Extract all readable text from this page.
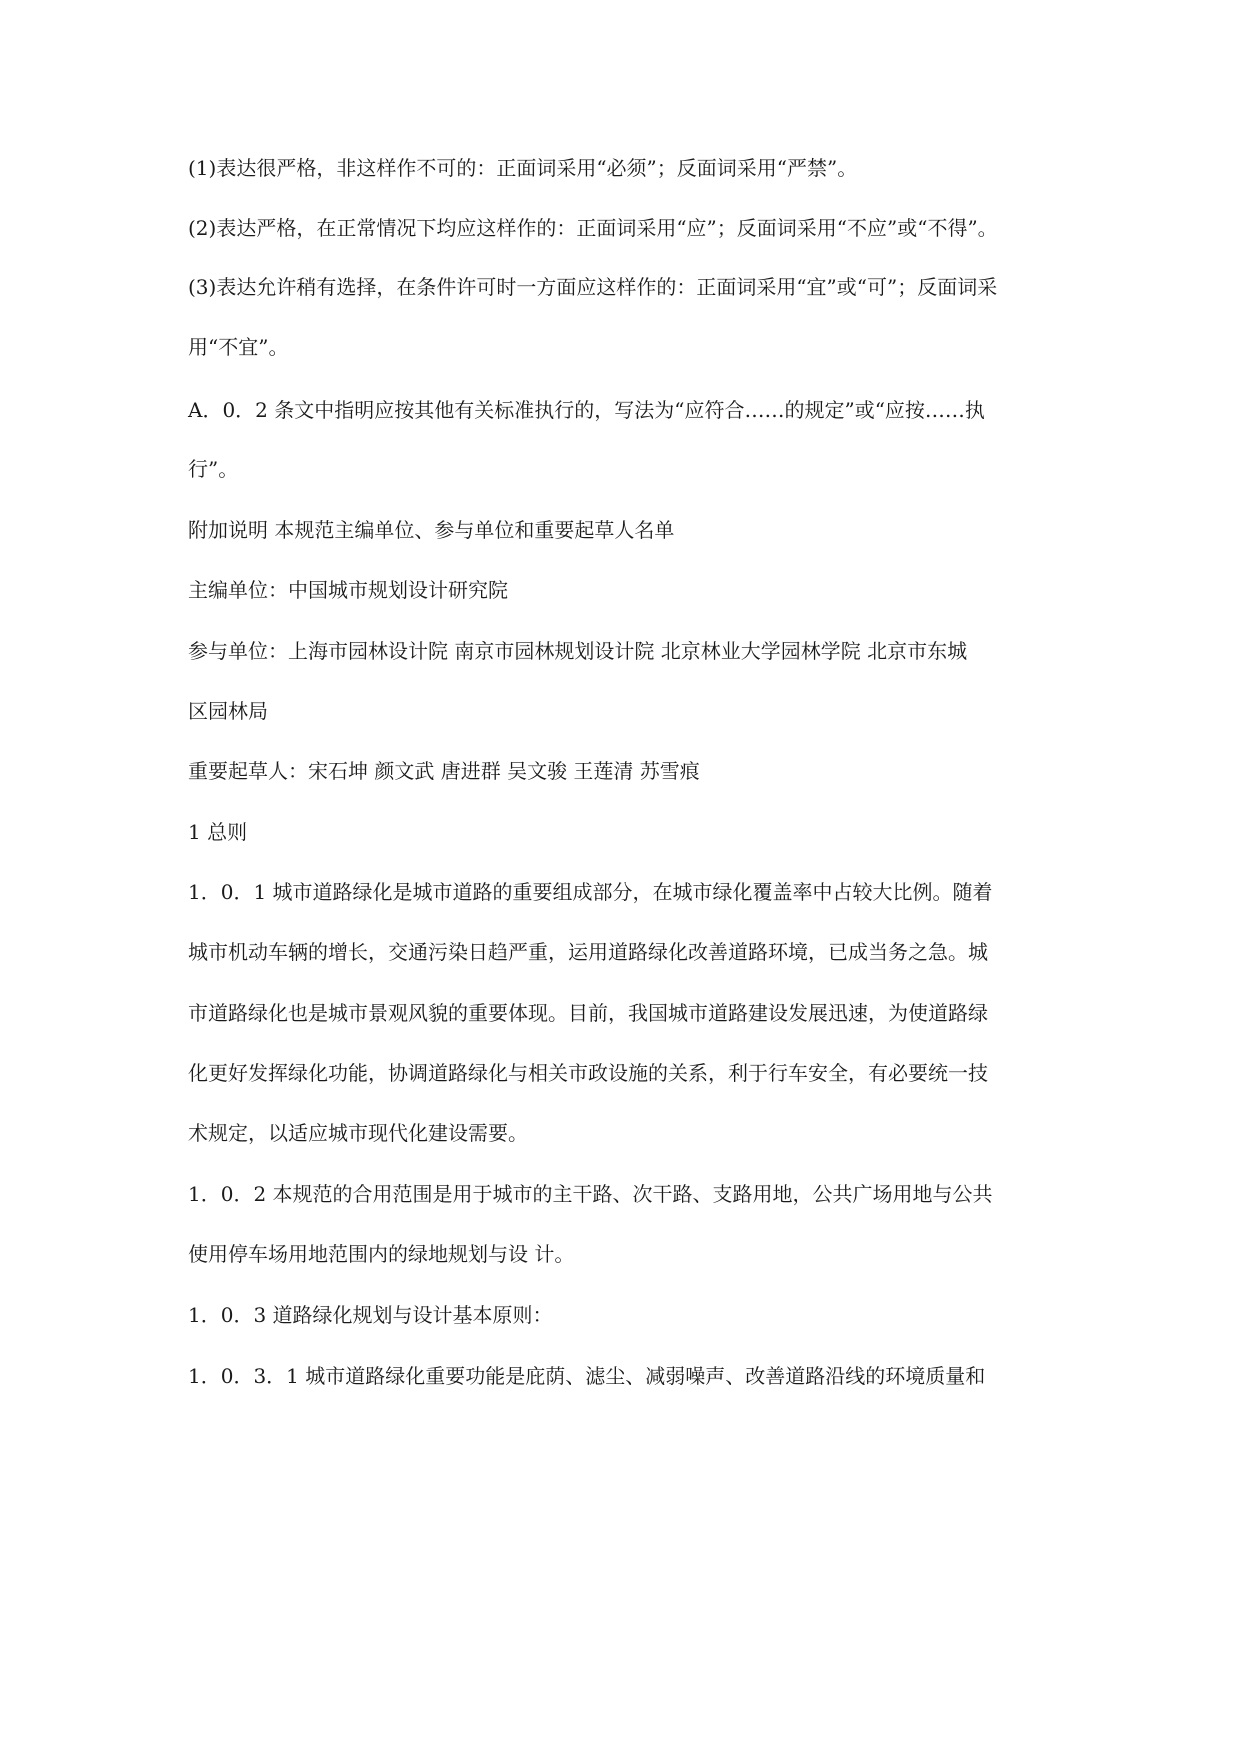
(1)表达很严格，非这样作不可的：正面词采用“必须”；反面词采用“严禁”。
(2)表达严格，在正常情况下均应这样作的：正面词采用“应”；反面词采用“不应”或“不得”。
(3)表达允许稍有选择，在条件许可时一方面应这样作的：正面词采用“宜”或“可”；反面词采
用“不宜”。
A．0．2 条文中指明应按其他有关标准执行的，写法为“应符合……的规定”或“应按……执
行”。
附加说明 本规范主编单位、参与单位和重要起草人名单
主编单位：中国城市规划设计研究院
参与单位：上海市园林设计院 南京市园林规划设计院 北京林业大学园林学院 北京市东城
区园林局
重要起草人：宋石坤 颜文武 唐进群 吴文骏 王莲清 苏雪痕
1 总则
1．0．1 城市道路绿化是城市道路的重要组成部分，在城市绿化覆盖率中占较大比例。随着
城市机动车辆的增长，交通污染日趋严重，运用道路绿化改善道路环境，已成当务之急。城
市道路绿化也是城市景观风貌的重要体现。目前，我国城市道路建设发展迅速，为使道路绿
化更好发挥绿化功能，协调道路绿化与相关市政设施的关系，利于行车安全，有必要统一技
术规定，以适应城市现代化建设需要。
1．0．2 本规范的合用范围是用于城市的主干路、次干路、支路用地，公共广场用地与公共
使用停车场用地范围内的绿地规划与设 计。
1．0．3 道路绿化规划与设计基本原则：
1．0．3．1 城市道路绿化重要功能是庇荫、滤尘、减弱噪声、改善道路沿线的环境质量和
